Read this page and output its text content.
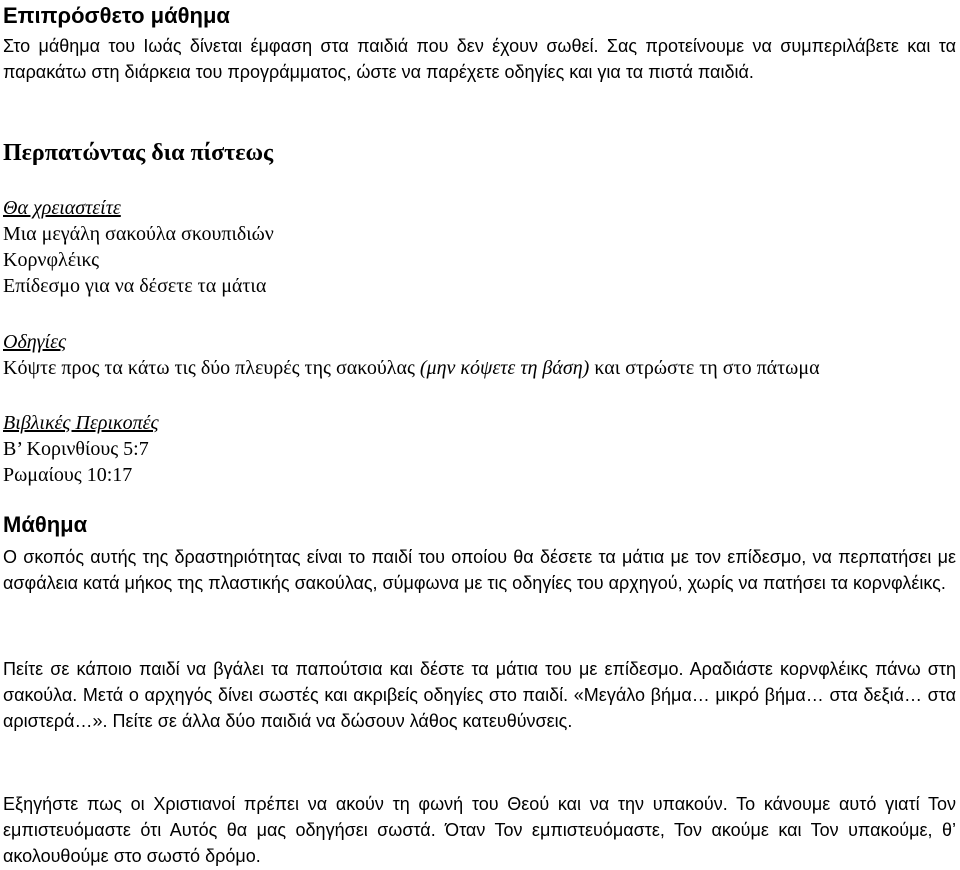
Επιπρόσθετο μάθημα

Στο μάθημα του Ιωάς δίνεται έμφαση στα παιδιά που δεν έχουν σωθεί. Σας προτείνουμε να συμπεριλάβετε και τα παρακάτω στη διάρκεια του προγράμματος, ώστε να παρέχετε οδηγίες και για τα πιστά παιδιά.

Περπατώντας δια πίστεως

Θα χρειαστείτε

Μια μεγάλη σακούλα σκουπιδιών

Κορνφλέικς

Επίδεσμο για να δέσετε τα μάτια

Οδηγίες

Κόψτε προς τα κάτω τις δύο πλευρές της σακούλας (μην κόψετε τη βάση) και στρώστε τη στο πάτωμα

Βιβλικές Περικοπές

Β’ Κορινθίους 5:7

Ρωμαίους 10:17

Μάθημα

Ο σκοπός αυτής της δραστηριότητας είναι το παιδί του οποίου θα δέσετε τα μάτια με τον επίδεσμο, να περπατήσει με ασφάλεια κατά μήκος της πλαστικής σακούλας, σύμφωνα με τις οδηγίες του αρχηγού, χωρίς να πατήσει τα κορνφλέικς.

Πείτε σε κάποιο παιδί να βγάλει τα παπούτσια και δέστε τα μάτια του με επίδεσμο. Αραδιάστε κορνφλέικς πάνω στη σακούλα. Μετά ο αρχηγός δίνει σωστές και ακριβείς οδηγίες στο παιδί. «Μεγάλο βήμα… μικρό βήμα… στα δεξιά… στα αριστερά…». Πείτε σε άλλα δύο παιδιά να δώσουν λάθος κατευθύνσεις.

Εξηγήστε πως οι Χριστιανοί πρέπει να ακούν τη φωνή του Θεού και να την υπακούν. Το κάνουμε αυτό γιατί Τον εμπιστευόμαστε ότι Αυτός θα μας οδηγήσει σωστά. Όταν Τον εμπιστευόμαστε, Τον ακούμε και Τον υπακούμε, θ’ ακολουθούμε στο σωστό δρόμο.
